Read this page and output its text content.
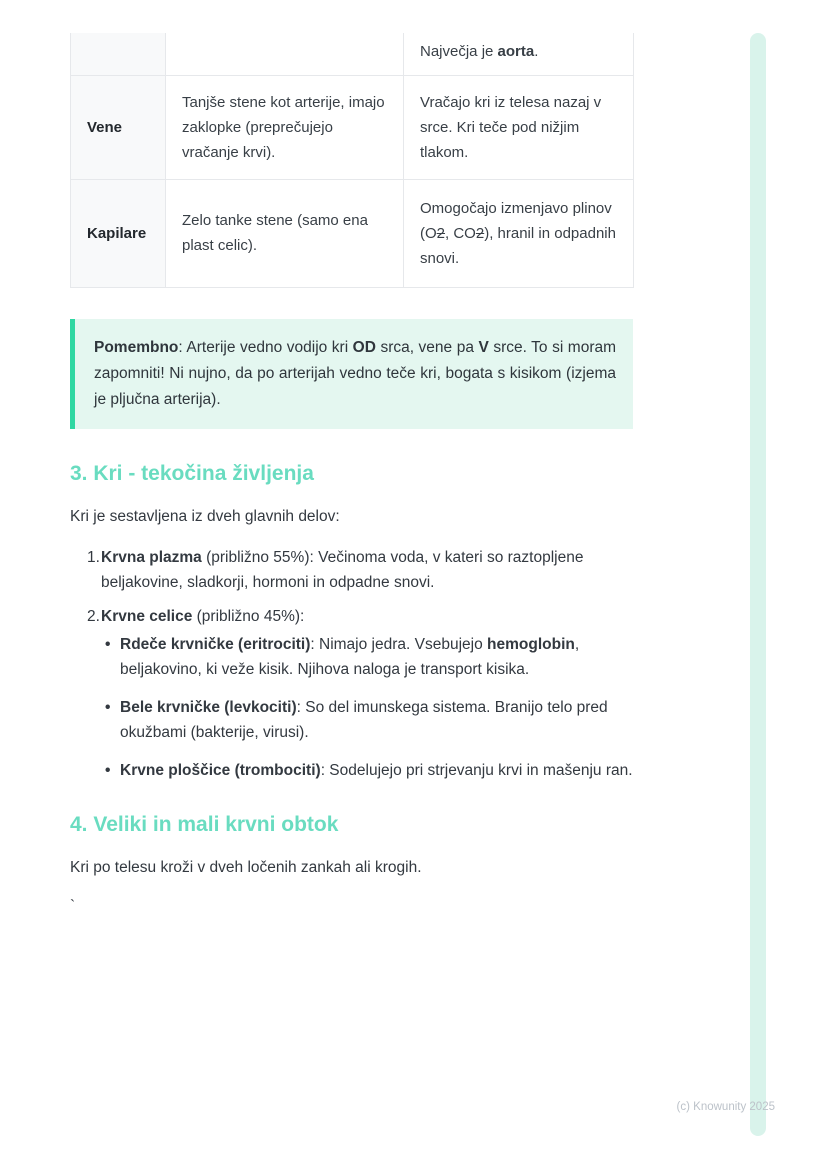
		Največja je aorta.
Vene	Tanjše stene kot arterije, imajo zaklopke (preprečujejo vračanje krvi).	Vračajo kri iz telesa nazaj v srce. Kri teče pod nižjim tlakom.
Kapilare	Zelo tanke stene (samo ena plast celic).	Omogočajo izmenjavo plinov (O2, CO2), hranil in odpadnih snovi.

Pomembno: Arterije vedno vodijo kri OD srca, vene pa V srce. To si moram zapomniti! Ni nujno, da po arterijah vedno teče kri, bogata s kisikom (izjema je pljučna arterija).

3. Kri - tekočina življenja

Kri je sestavljena iz dveh glavnih delov:

1. Krvna plazma (približno 55%): Večinoma voda, v kateri so raztopljene beljakovine, sladkorji, hormoni in odpadne snovi.

2. Krvne celice (približno 45%):

• Rdeče krvničke (eritrociti): Nimajo jedra. Vsebujejo hemoglobin, beljakovino, ki veže kisik. Njihova naloga je transport kisika.

• Bele krvničke (levkociti): So del imunskega sistema. Branijo telo pred okužbami (bakterije, virusi).

• Krvne ploščice (trombociti): Sodelujejo pri strjevanju krvi in mašenju ran.

4. Veliki in mali krvni obtok

Kri po telesu kroži v dveh ločenih zankah ali krogih.

`

(c) Knowunity 2025
